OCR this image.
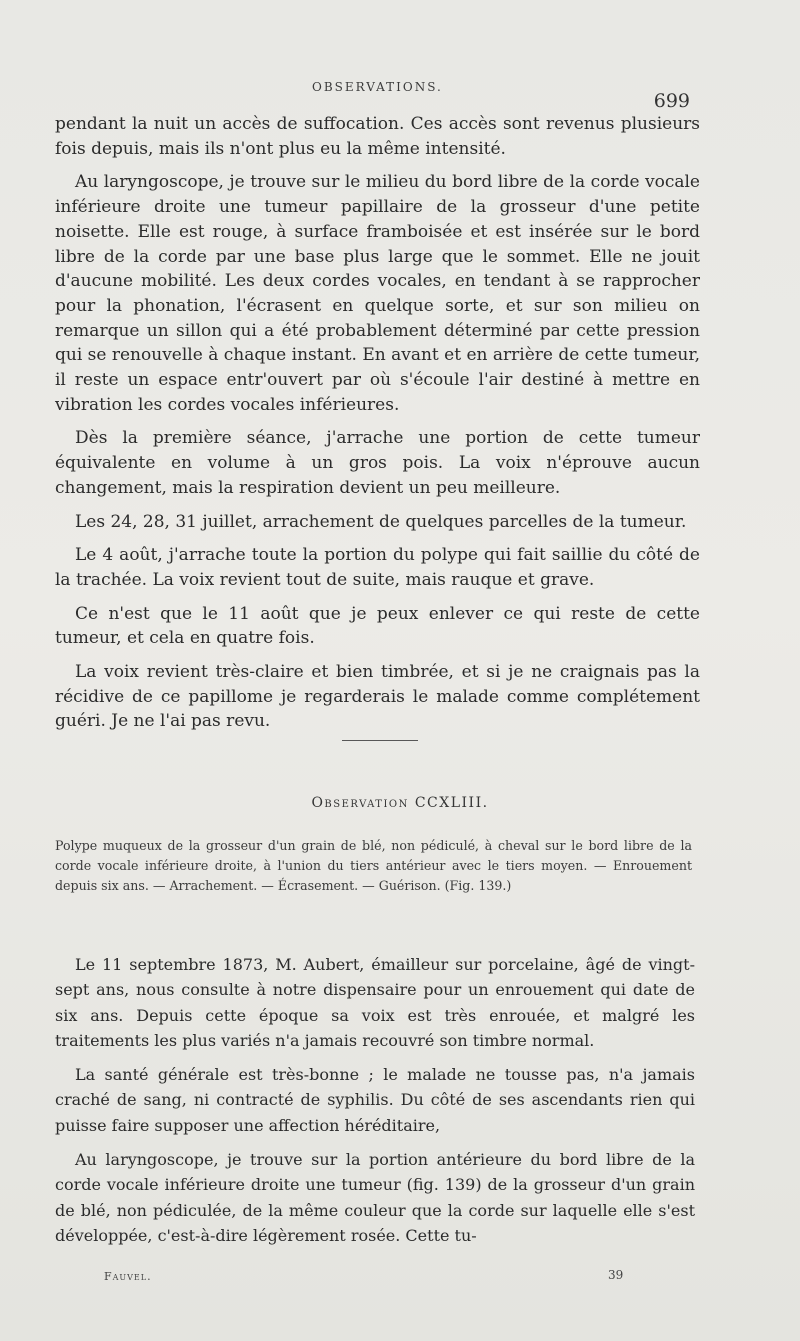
OBSERVATIONS.
699

pendant la nuit un accès de suffocation. Ces accès sont revenus plusieurs fois depuis, mais ils n'ont plus eu la même intensité.

Au laryngoscope, je trouve sur le milieu du bord libre de la corde vocale inférieure droite une tumeur papillaire de la grosseur d'une petite noisette. Elle est rouge, à surface framboisée et est insérée sur le bord libre de la corde par une base plus large que le sommet. Elle ne jouit d'aucune mobilité. Les deux cordes vocales, en tendant à se rapprocher pour la phonation, l'écrasent en quelque sorte, et sur son milieu on remarque un sillon qui a été probablement déterminé par cette pression qui se renouvelle à chaque instant. En avant et en arrière de cette tumeur, il reste un espace entr'ouvert par où s'écoule l'air destiné à mettre en vibration les cordes vocales inférieures.

Dès la première séance, j'arrache une portion de cette tumeur équivalente en volume à un gros pois. La voix n'éprouve aucun changement, mais la respiration devient un peu meilleure.

Les 24, 28, 31 juillet, arrachement de quelques parcelles de la tumeur.

Le 4 août, j'arrache toute la portion du polype qui fait saillie du côté de la trachée. La voix revient tout de suite, mais rauque et grave.

Ce n'est que le 11 août que je peux enlever ce qui reste de cette tumeur, et cela en quatre fois.

La voix revient très-claire et bien timbrée, et si je ne craignais pas la récidive de ce papillome je regarderais le malade comme complétement guéri. Je ne l'ai pas revu.

Observation CCXLIII.
Polype muqueux de la grosseur d'un grain de blé, non pédiculé, à cheval sur le bord libre de la corde vocale inférieure droite, à l'union du tiers antérieur avec le tiers moyen. — Enrouement depuis six ans. — Arrachement. — Écrasement. — Guérison. (Fig. 139.)

Le 11 septembre 1873, M. Aubert, émailleur sur porcelaine, âgé de vingt-sept ans, nous consulte à notre dispensaire pour un enrouement qui date de six ans. Depuis cette époque sa voix est très enrouée, et malgré les traitements les plus variés n'a jamais recouvré son timbre normal.

La santé générale est très-bonne ; le malade ne tousse pas, n'a jamais craché de sang, ni contracté de syphilis. Du côté de ses ascendants rien qui puisse faire supposer une affection héréditaire,

Au laryngoscope, je trouve sur la portion antérieure du bord libre de la corde vocale inférieure droite une tumeur (fig. 139) de la grosseur d'un grain de blé, non pédiculée, de la même couleur que la corde sur laquelle elle s'est développée, c'est-à-dire légèrement rosée. Cette tu-

Fauvel.	39
